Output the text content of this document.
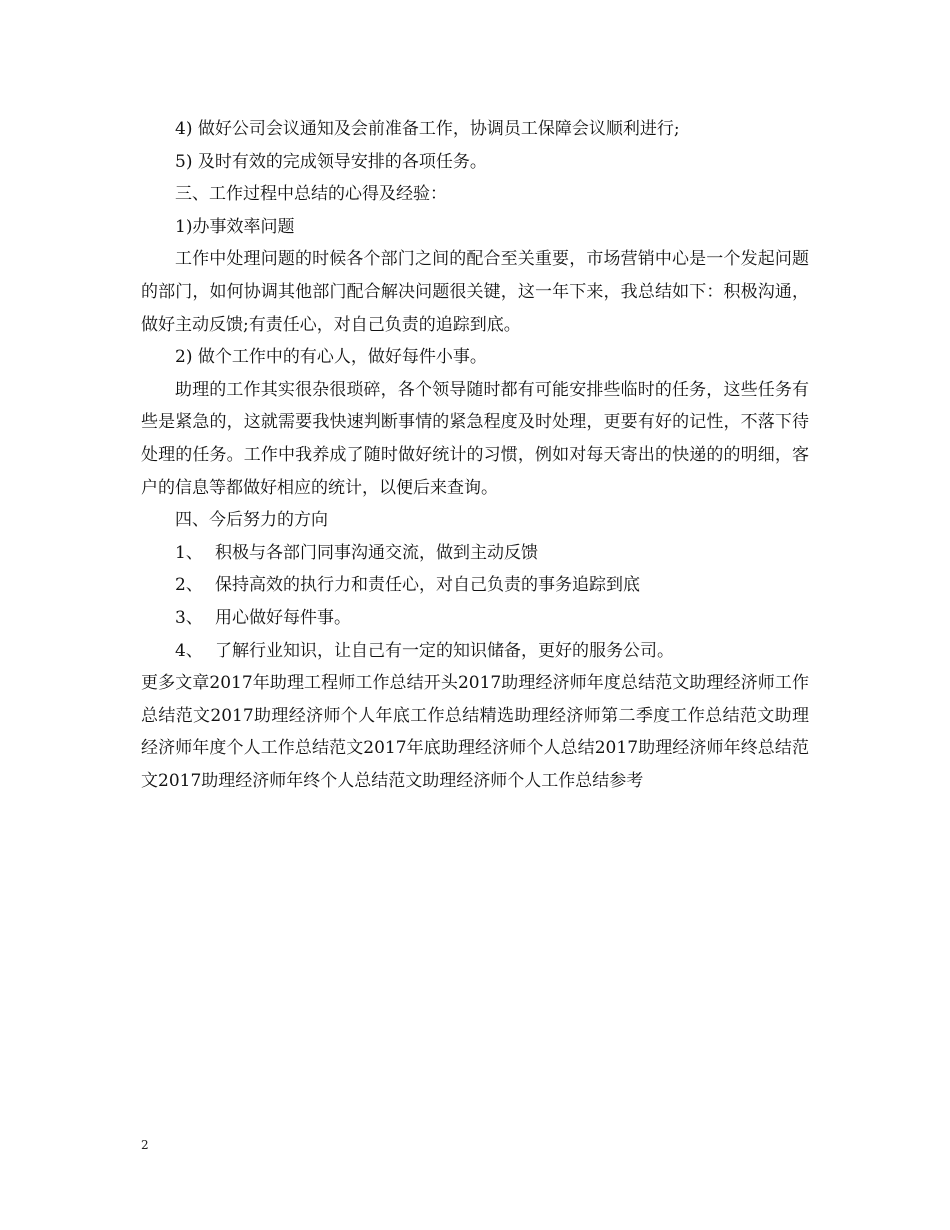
4) 做好公司会议通知及会前准备工作，协调员工保障会议顺利进行;
5) 及时有效的完成领导安排的各项任务。
三、工作过程中总结的心得及经验：
1)办事效率问题
工作中处理问题的时候各个部门之间的配合至关重要，市场营销中心是一个发起问题的部门，如何协调其他部门配合解决问题很关键，这一年下来，我总结如下：积极沟通，做好主动反馈;有责任心，对自己负责的追踪到底。
2) 做个工作中的有心人，做好每件小事。
助理的工作其实很杂很琐碎，各个领导随时都有可能安排些临时的任务，这些任务有些是紧急的，这就需要我快速判断事情的紧急程度及时处理，更要有好的记性，不落下待处理的任务。工作中我养成了随时做好统计的习惯，例如对每天寄出的快递的的明细，客户的信息等都做好相应的统计，以便后来查询。
四、今后努力的方向
1、 积极与各部门同事沟通交流，做到主动反馈
2、 保持高效的执行力和责任心，对自己负责的事务追踪到底
3、 用心做好每件事。
4、 了解行业知识，让自己有一定的知识储备，更好的服务公司。
更多文章2017年助理工程师工作总结开头2017助理经济师年度总结范文助理经济师工作总结范文2017助理经济师个人年底工作总结精选助理经济师第二季度工作总结范文助理经济师年度个人工作总结范文2017年底助理经济师个人总结2017助理经济师年终总结范文2017助理经济师年终个人总结范文助理经济师个人工作总结参考
2
